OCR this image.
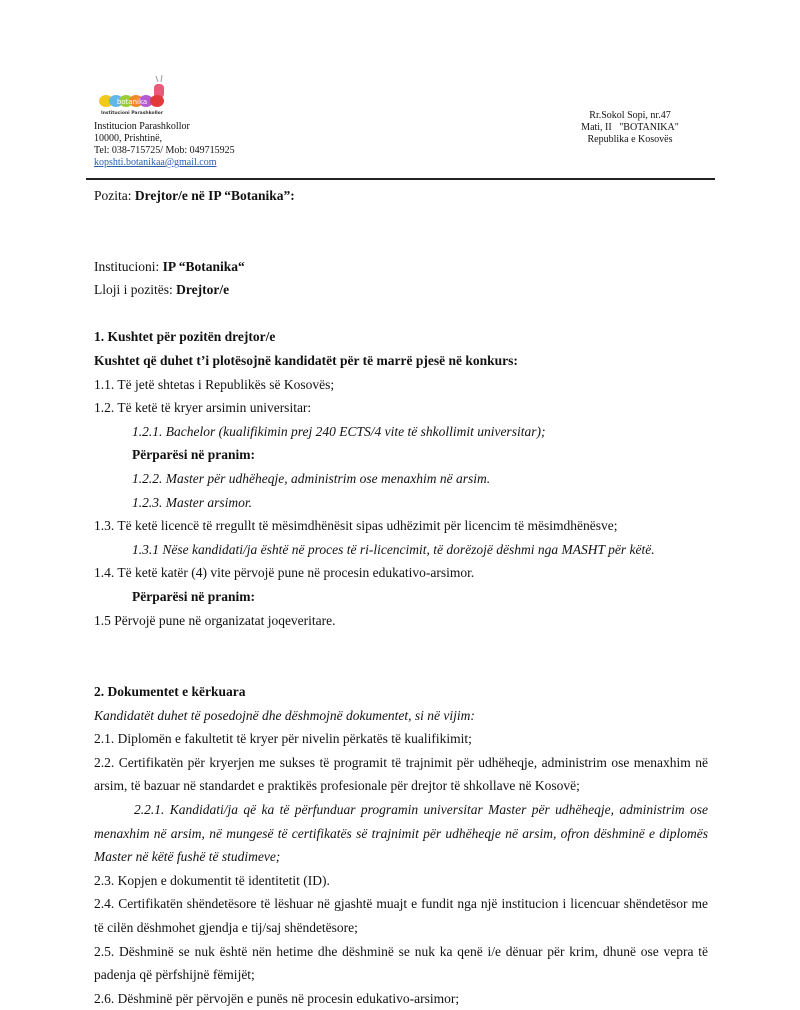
botanika
Institucioni Parashkollor
Institucion Parashkollor
10000, Prishtinë,
Tel: 038-715725/ Mob: 049715925
kopshti.botanikaa@gmail.com
Rr.Sokol Sopi, nr.47
Mati, II   "BOTANIKA"
Republika e Kosovës
Pozita: Drejtor/e në IP “Botanika”:
Institucioni: IP “Botanika“
Lloji i pozitës: Drejtor/e
1. Kushtet për pozitën drejtor/e
Kushtet që duhet t’i plotësojnë kandidatët për të marrë pjesë në konkurs:
1.1. Të jetë shtetas i Republikës së Kosovës;
1.2. Të ketë të kryer arsimin universitar:
1.2.1. Bachelor (kualifikimin prej 240 ECTS/4 vite të shkollimit universitar);
Përparësi në pranim:
1.2.2. Master për udhëheqje, administrim ose menaxhim në arsim.
1.2.3. Master arsimor.
1.3. Të ketë licencë të rregullt të mësimdhënësit sipas udhëzimit për licencim të mësimdhënësve;
1.3.1 Nëse kandidati/ja është në proces të ri-licencimit, të dorëzojë dëshmi nga MASHT për këtë.
1.4. Të ketë katër (4) vite përvojë pune në procesin edukativo-arsimor.
Përparësi në pranim:
1.5 Përvojë pune në organizatat joqeveritare.
2. Dokumentet e kërkuara
Kandidatët duhet të posedojnë dhe dëshmojnë dokumentet, si në vijim:
2.1. Diplomën e fakultetit të kryer për nivelin përkatës të kualifikimit;
2.2. Certifikatën për kryerjen me sukses të programit të trajnimit për udhëheqje, administrim ose menaxhim në arsim, të bazuar në standardet e praktikës profesionale për drejtor të shkollave në Kosovë;
2.2.1. Kandidati/ja që ka të përfunduar programin universitar Master për udhëheqje, administrim ose menaxhim në arsim, në mungesë të certifikatës së trajnimit për udhëheqje në arsim, ofron dëshminë e diplomës Master në këtë fushë të studimeve;
2.3. Kopjen e dokumentit të identitetit (ID).
2.4. Certifikatën shëndetësore të lëshuar në gjashtë muajt e fundit nga një institucion i licencuar shëndetësor me të cilën dëshmohet gjendja e tij/saj shëndetësore;
2.5. Dëshminë se nuk është nën hetime dhe dëshminë se nuk ka qenë i/e dënuar për krim, dhunë ose vepra të padenja që përfshijnë fëmijët;
2.6. Dëshminë për përvojën e punës në procesin edukativo-arsimor;
